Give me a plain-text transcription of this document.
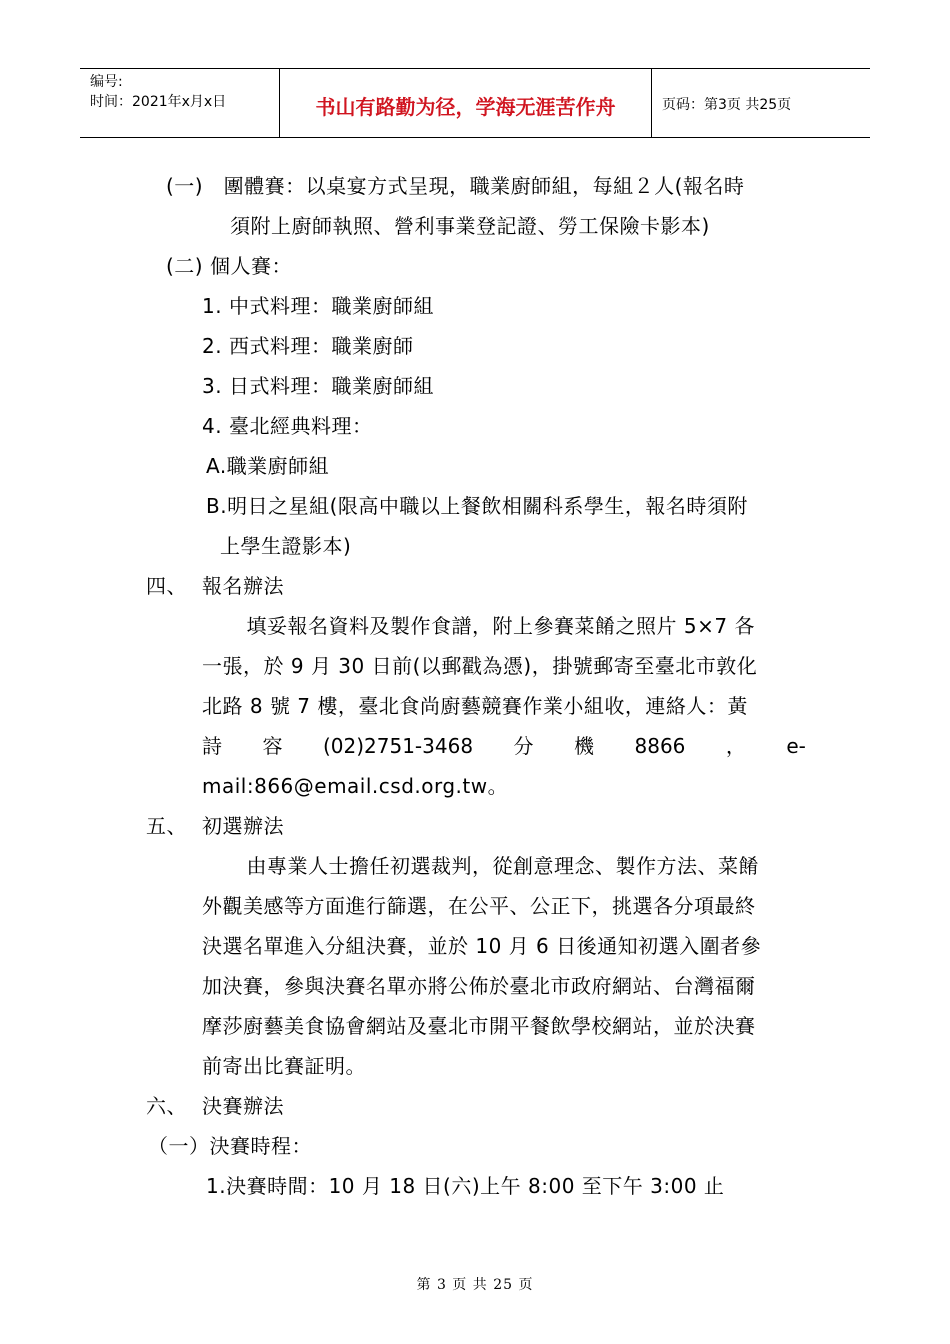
编号:
时间：2021年x月x日	书山有路勤为径，学海无涯苦作舟	页码：第3页 共25页
(一)　團體賽：以桌宴方式呈現，職業廚師組，每組２人(報名時
須附上廚師執照、營利事業登記證、勞工保險卡影本)
(二) 個人賽：
1. 中式料理：職業廚師組
2. 西式料理：職業廚師
3. 日式料理：職業廚師組
4. 臺北經典料理：
A.職業廚師組
B.明日之星組(限高中職以上餐飲相關科系學生，報名時須附
上學生證影本)
四、 報名辦法
　填妥報名資料及製作食譜，附上參賽菜餚之照片 5×7 各
一張，於 9 月 30 日前(以郵戳為憑)，掛號郵寄至臺北市敦化
北路 8 號 7 樓，臺北食尚廚藝競賽作業小組收，連絡人：黃
詩 容 (02)2751-3468 分 機 8866 ， e-
mail:866@email.csd.org.tw。
五、 初選辦法
　由專業人士擔任初選裁判，從創意理念、製作方法、菜餚
外觀美感等方面進行篩選，在公平、公正下，挑選各分項最終
決選名單進入分組決賽，並於 10 月 6 日後通知初選入圍者參
加決賽，參與決賽名單亦將公佈於臺北市政府網站、台灣福爾
摩莎廚藝美食協會網站及臺北市開平餐飲學校網站，並於決賽
前寄出比賽証明。
六、 決賽辦法
（一）決賽時程：
1.決賽時間：10 月 18 日(六)上午 8:00 至下午 3:00 止
第 3 页 共 25 页
